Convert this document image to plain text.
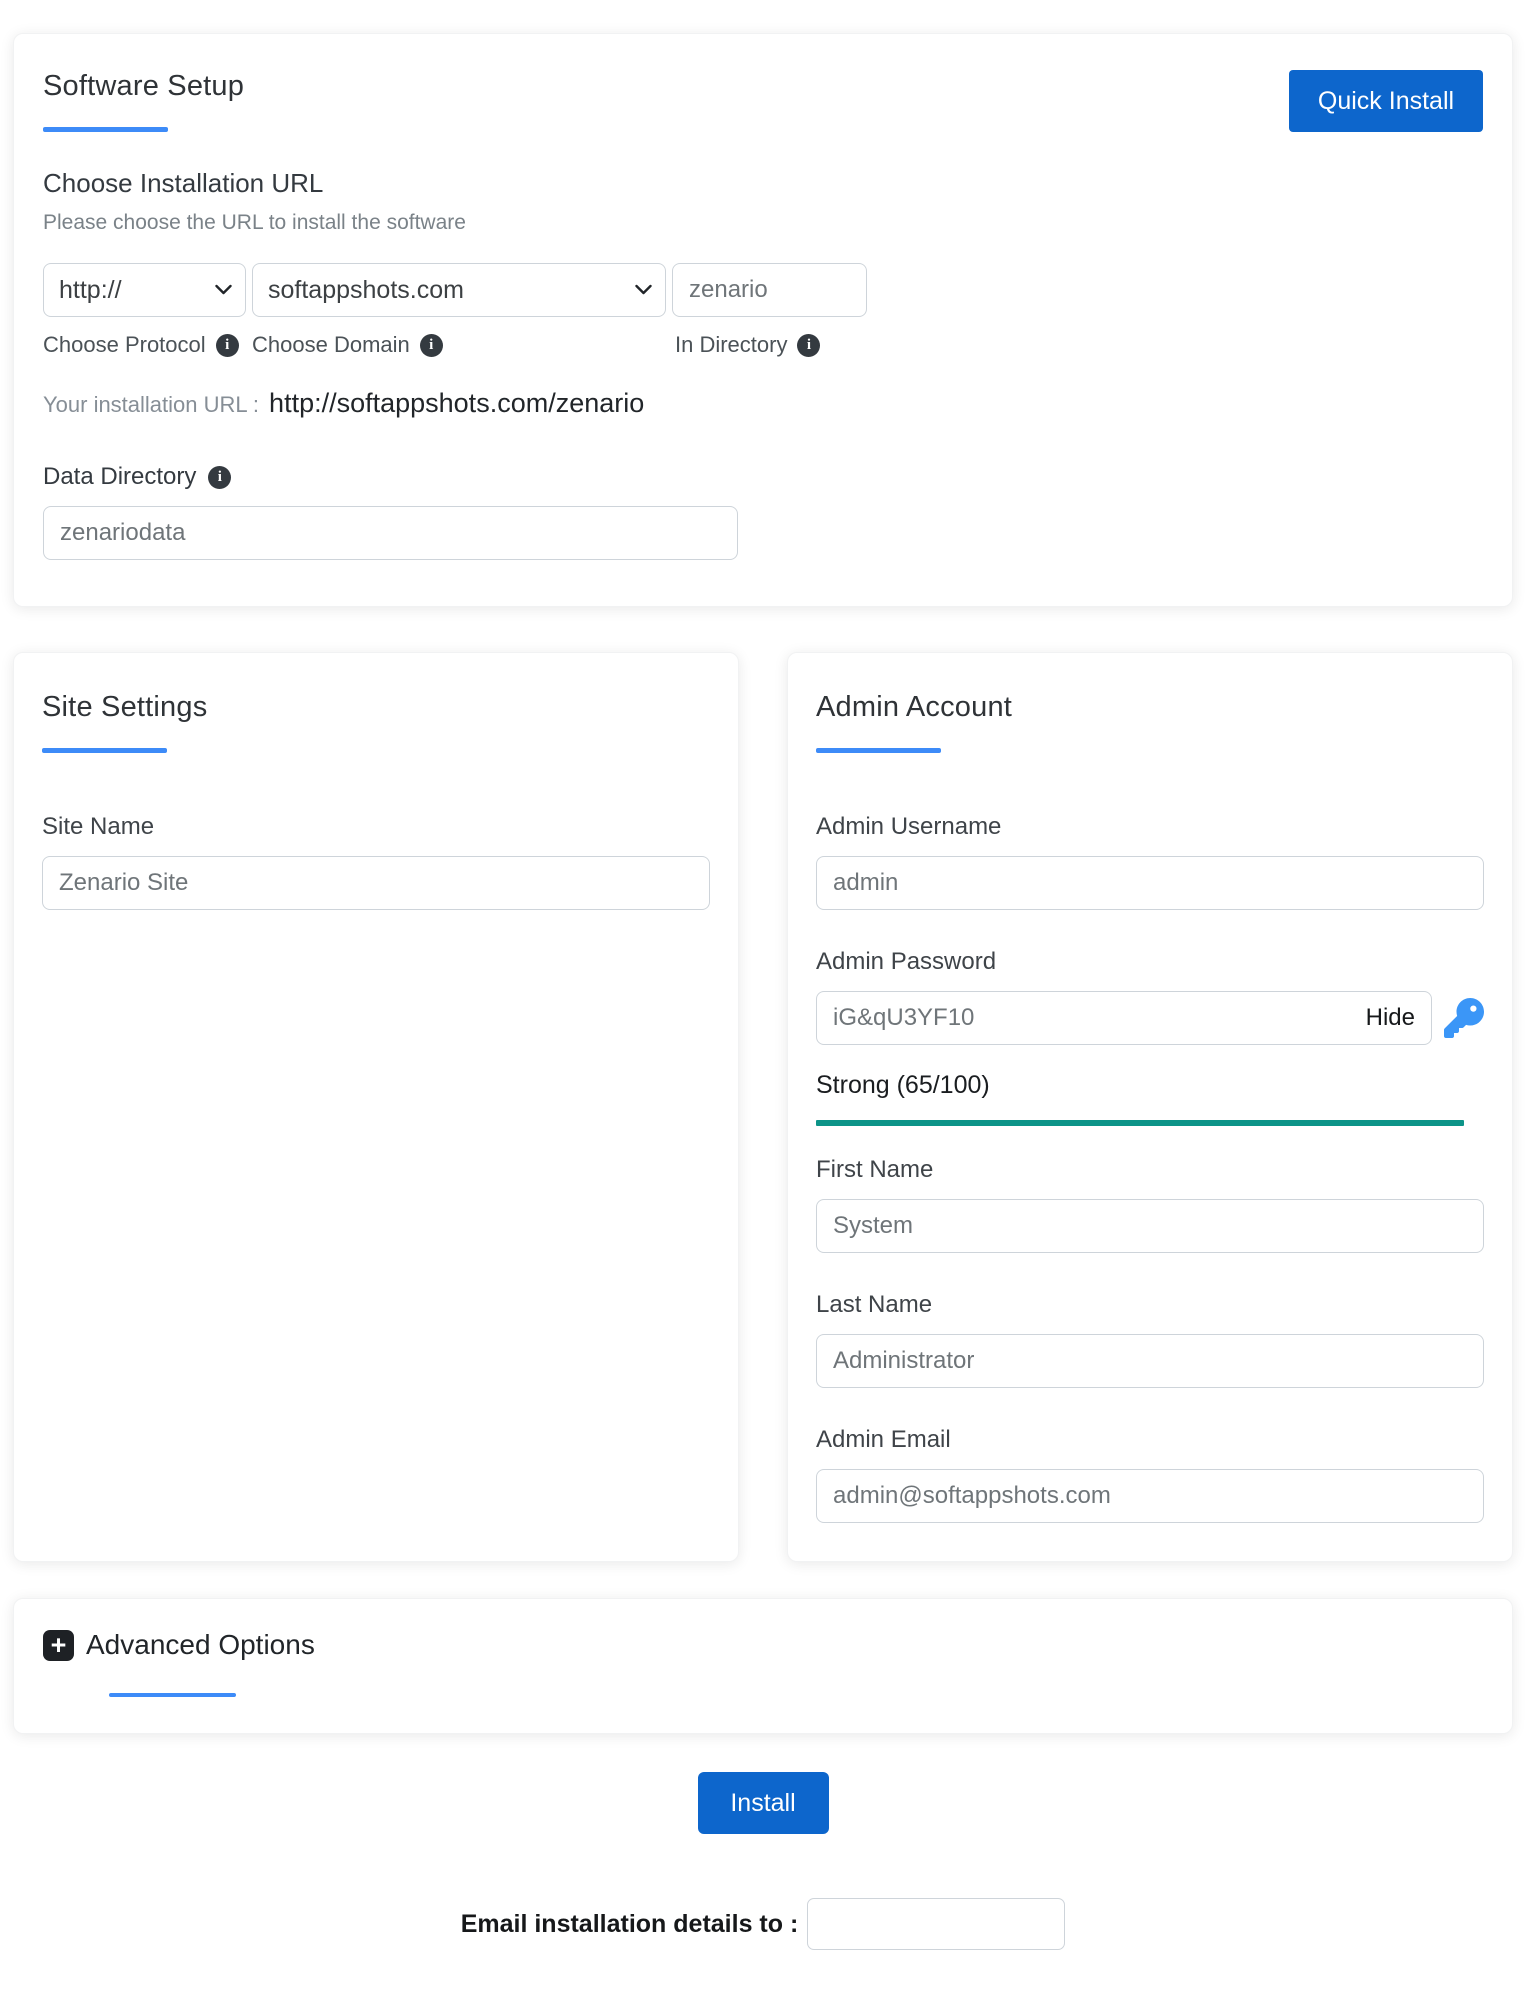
Software Setup	Quick Install
Choose Installation URL
Please choose the URL to install the software
http://
softappshots.com
zenario
Choose Protocol	i	Choose Domain	i	In Directory	i
Your installation URL : http://softappshots.com/zenario
Data Directory	i
zenariodata
Site Settings
Site Name
Zenario Site
Admin Account
Admin Username
admin
Admin Password
iG&qU3YF10
Hide
Strong (65/100)
First Name
System
Last Name
Administrator
Admin Email
admin@softappshots.com
+ Advanced Options
Install
Email installation details to :
